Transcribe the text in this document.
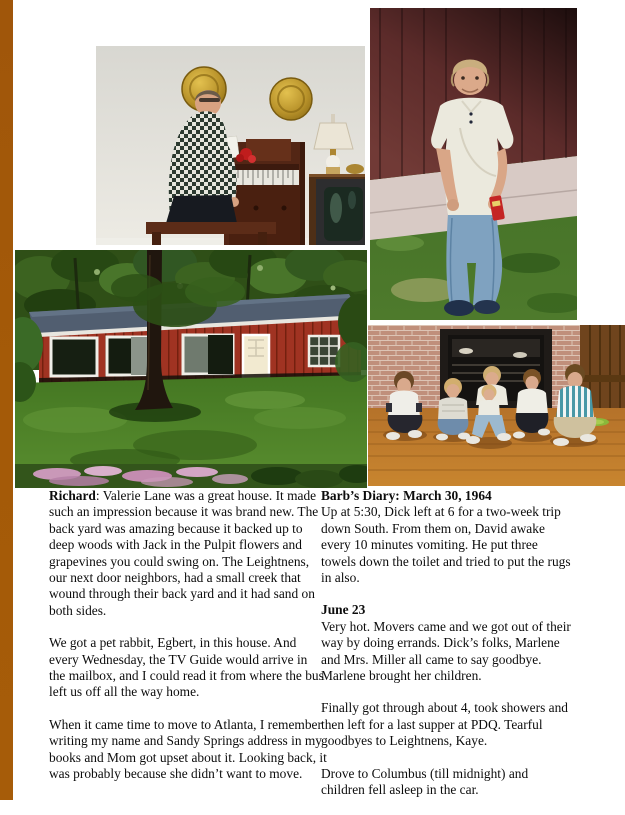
Richard: Valerie Lane was a great house. It made such an impression because it was brand new. The back yard was amazing because it backed up to deep woods with Jack in the Pulpit flowers and grapevines you could swing on. The Leightnens, our next door neighbors, had a small creek that wound through their back yard and it had sand on both sides.

We got a pet rabbit, Egbert, in this house. And every Wednesday, the TV Guide would arrive in the mailbox, and I could read it from where the bus left us off all the way home.

When it came time to move to Atlanta, I remember writing my name and Sandy Springs address in my books and Mom got upset about it. Looking back, it was probably because she didn’t want to move.

Barb’s Diary: March 30, 1964

Up at 5:30, Dick left at 6 for a two-week trip down South. From them on, David awake every 10 minutes vomiting. He put three towels down the toilet and tried to put the rugs in also.

June 23

Very hot. Movers came and we got out of their way by doing errands. Dick’s folks, Marlene and Mrs. Miller all came to say goodbye. Marlene brought her children.

Finally got through about 4, took showers and then left for a last supper at PDQ. Tearful goodbyes to Leightnens, Kaye.

Drove to Columbus (till midnight) and children fell asleep in the car.
